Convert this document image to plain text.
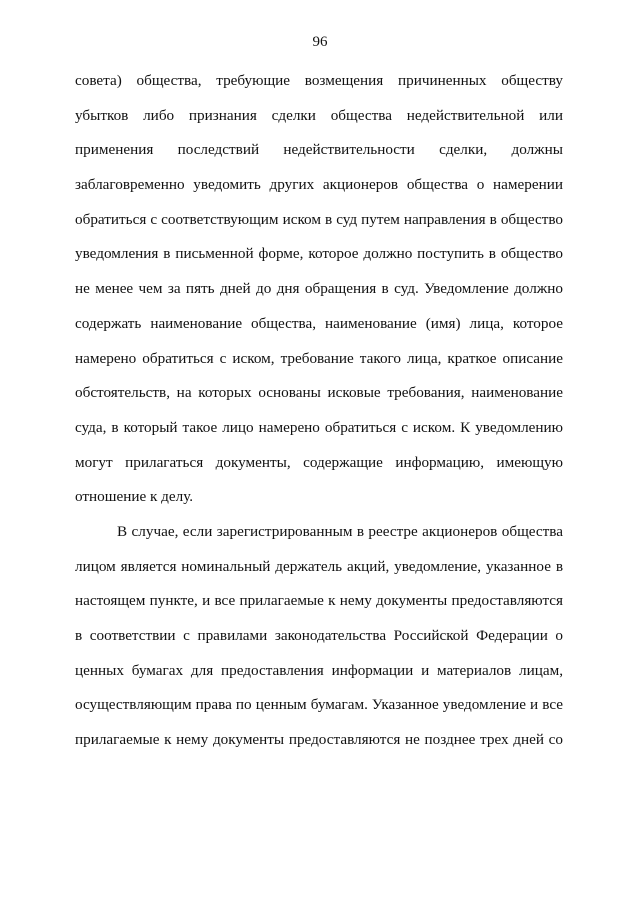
96
совета) общества, требующие возмещения причиненных обществу
убытков либо признания сделки общества недействительной или
применения последствий недействительности сделки, должны
заблаговременно уведомить других акционеров общества о намерении
обратиться с соответствующим иском в суд путем направления в общество
уведомления в письменной форме, которое должно поступить в общество
не менее чем за пять дней до дня обращения в суд. Уведомление должно
содержать наименование общества, наименование (имя) лица, которое
намерено обратиться с иском, требование такого лица, краткое описание
обстоятельств, на которых основаны исковые требования, наименование
суда, в который такое лицо намерено обратиться с иском. К уведомлению
могут прилагаться документы, содержащие информацию, имеющую
отношение к делу.
В случае, если зарегистрированным в реестре акционеров общества
лицом является номинальный держатель акций, уведомление, указанное в
настоящем пункте, и все прилагаемые к нему документы предоставляются
в соответствии с правилами законодательства Российской Федерации о
ценных бумагах для предоставления информации и материалов лицам,
осуществляющим права по ценным бумагам. Указанное уведомление и все
прилагаемые к нему документы предоставляются не позднее трех дней со
